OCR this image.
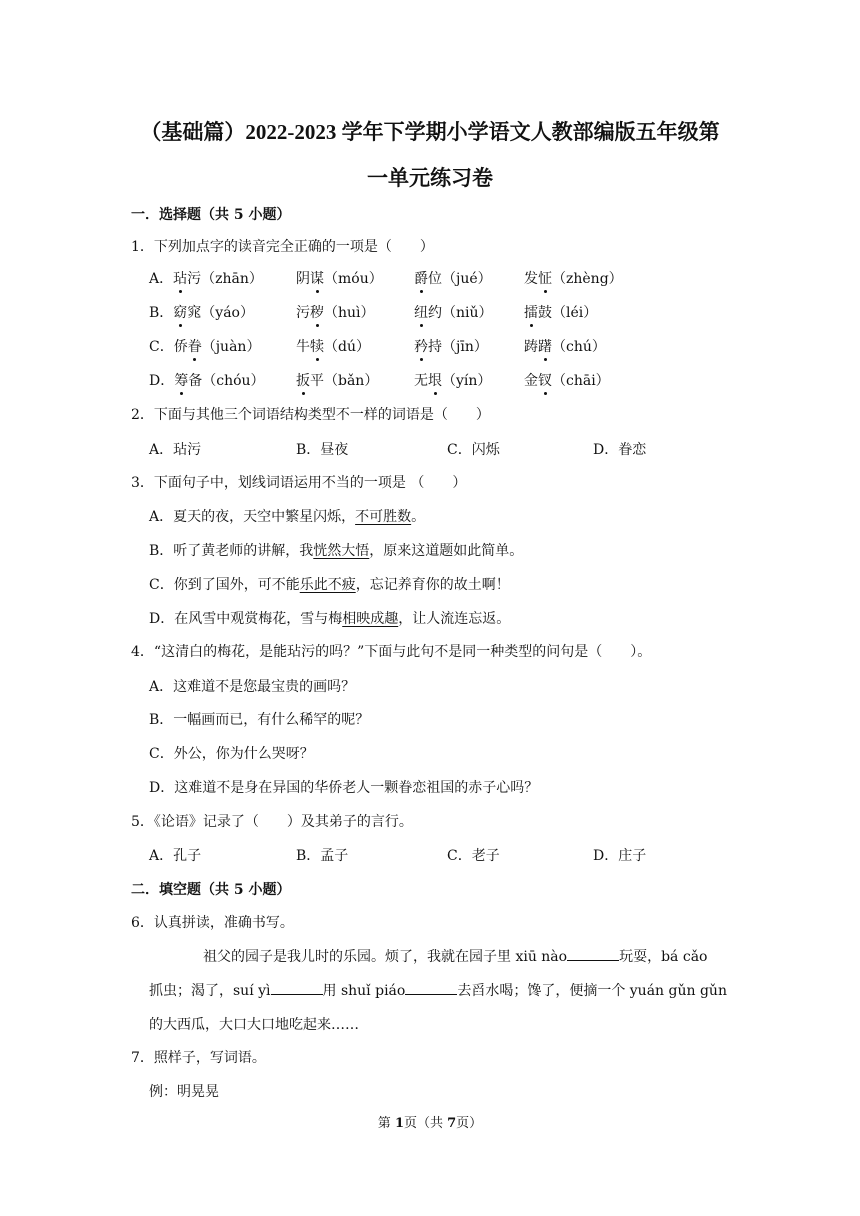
（基础篇）2022-2023 学年下学期小学语文人教部编版五年级第
一单元练习卷
一．选择题（共 5 小题）
1．下列加点字的读音完全正确的一项是（　　）
A．玷污（zhān） 阴谋（móu） 爵位（jué） 发怔（zhèng）
B．窈窕（yáo）	污秽（huì）	纽约（niǔ） 擂鼓（léi）
C．侨眷（juàn）	牛犊（dú）	矜持（jīn）	踌躇（chú）
D．筹备（chóu） 扳平（bǎn）	无垠（yín） 金钗（chāi）
2．下面与其他三个词语结构类型不一样的词语是（　　）
A．玷污	B．昼夜	C．闪烁	D．眷恋
3．下面句子中，划线词语运用不当的一项是 （　　）
A．夏天的夜，天空中繁星闪烁，不可胜数。
B．听了黄老师的讲解，我恍然大悟，原来这道题如此简单。
C．你到了国外，可不能乐此不疲，忘记养育你的故土啊！
D．在风雪中观赏梅花，雪与梅相映成趣，让人流连忘返。
4．“这清白的梅花，是能玷污的吗？”下面与此句不是同一种类型的问句是（　　）。
A．这难道不是您最宝贵的画吗？
B．一幅画而已，有什么稀罕的呢？
C．外公，你为什么哭呀？
D．这难道不是身在异国的华侨老人一颗眷恋祖国的赤子心吗？
5．《论语》记录了（　　）及其弟子的言行。
A．孔子	B．孟子	C．老子	D．庄子
二．填空题（共 5 小题）
6．认真拼读，准确书写。
祖父的园子是我儿时的乐园。烦了，我就在园子里 xiū nào	玩耍，bá cǎo
抓虫；渴了，suí yì	用 shuǐ piáo	去舀水喝；馋了，便摘一个 yuán gǔn gǔn
的大西瓜，大口大口地吃起来……
7．照样子，写词语。
例：明晃晃
第 1页（共 7页）
